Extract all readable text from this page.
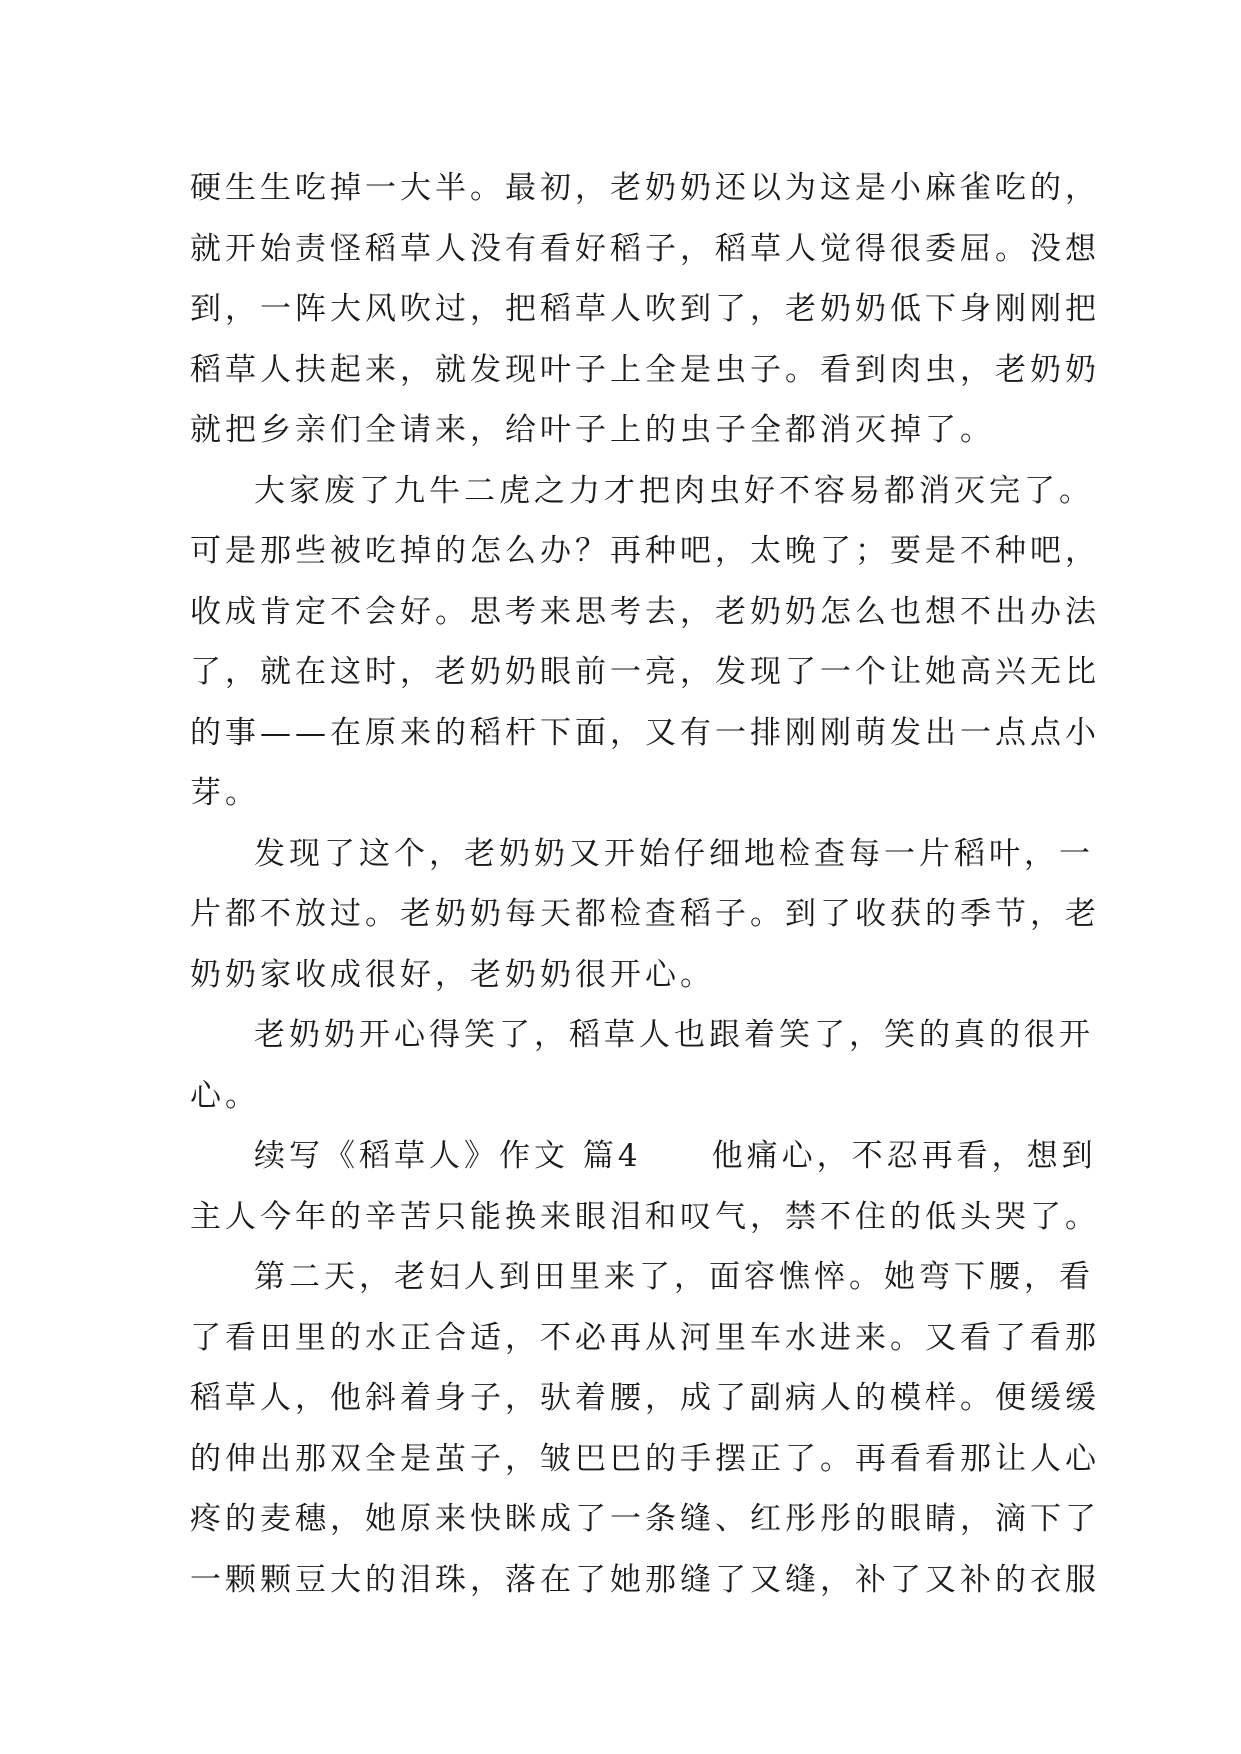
硬生生吃掉一大半。最初，老奶奶还以为这是小麻雀吃的，
就开始责怪稻草人没有看好稻子，稻草人觉得很委屈。没想
到，一阵大风吹过，把稻草人吹到了，老奶奶低下身刚刚把
稻草人扶起来，就发现叶子上全是虫子。看到肉虫，老奶奶
就把乡亲们全请来，给叶子上的虫子全都消灭掉了。
大家废了九牛二虎之力才把肉虫好不容易都消灭完了。
可是那些被吃掉的怎么办？再种吧，太晚了；要是不种吧，
收成肯定不会好。思考来思考去，老奶奶怎么也想不出办法
了，就在这时，老奶奶眼前一亮，发现了一个让她高兴无比
的事——在原来的稻杆下面，又有一排刚刚萌发出一点点小
芽。
发现了这个，老奶奶又开始仔细地检查每一片稻叶，一
片都不放过。老奶奶每天都检查稻子。到了收获的季节，老
奶奶家收成很好，老奶奶很开心。
老奶奶开心得笑了，稻草人也跟着笑了，笑的真的很开
心。
续写《稻草人》作文 篇4　　他痛心，不忍再看，想到
主人今年的辛苦只能换来眼泪和叹气，禁不住的低头哭了。
第二天，老妇人到田里来了，面容憔悴。她弯下腰，看
了看田里的水正合适，不必再从河里车水进来。又看了看那
稻草人，他斜着身子，驮着腰，成了副病人的模样。便缓缓
的伸出那双全是茧子，皱巴巴的手摆正了。再看看那让人心
疼的麦穗，她原来快眯成了一条缝、红彤彤的眼睛，滴下了
一颗颗豆大的泪珠，落在了她那缝了又缝，补了又补的衣服
